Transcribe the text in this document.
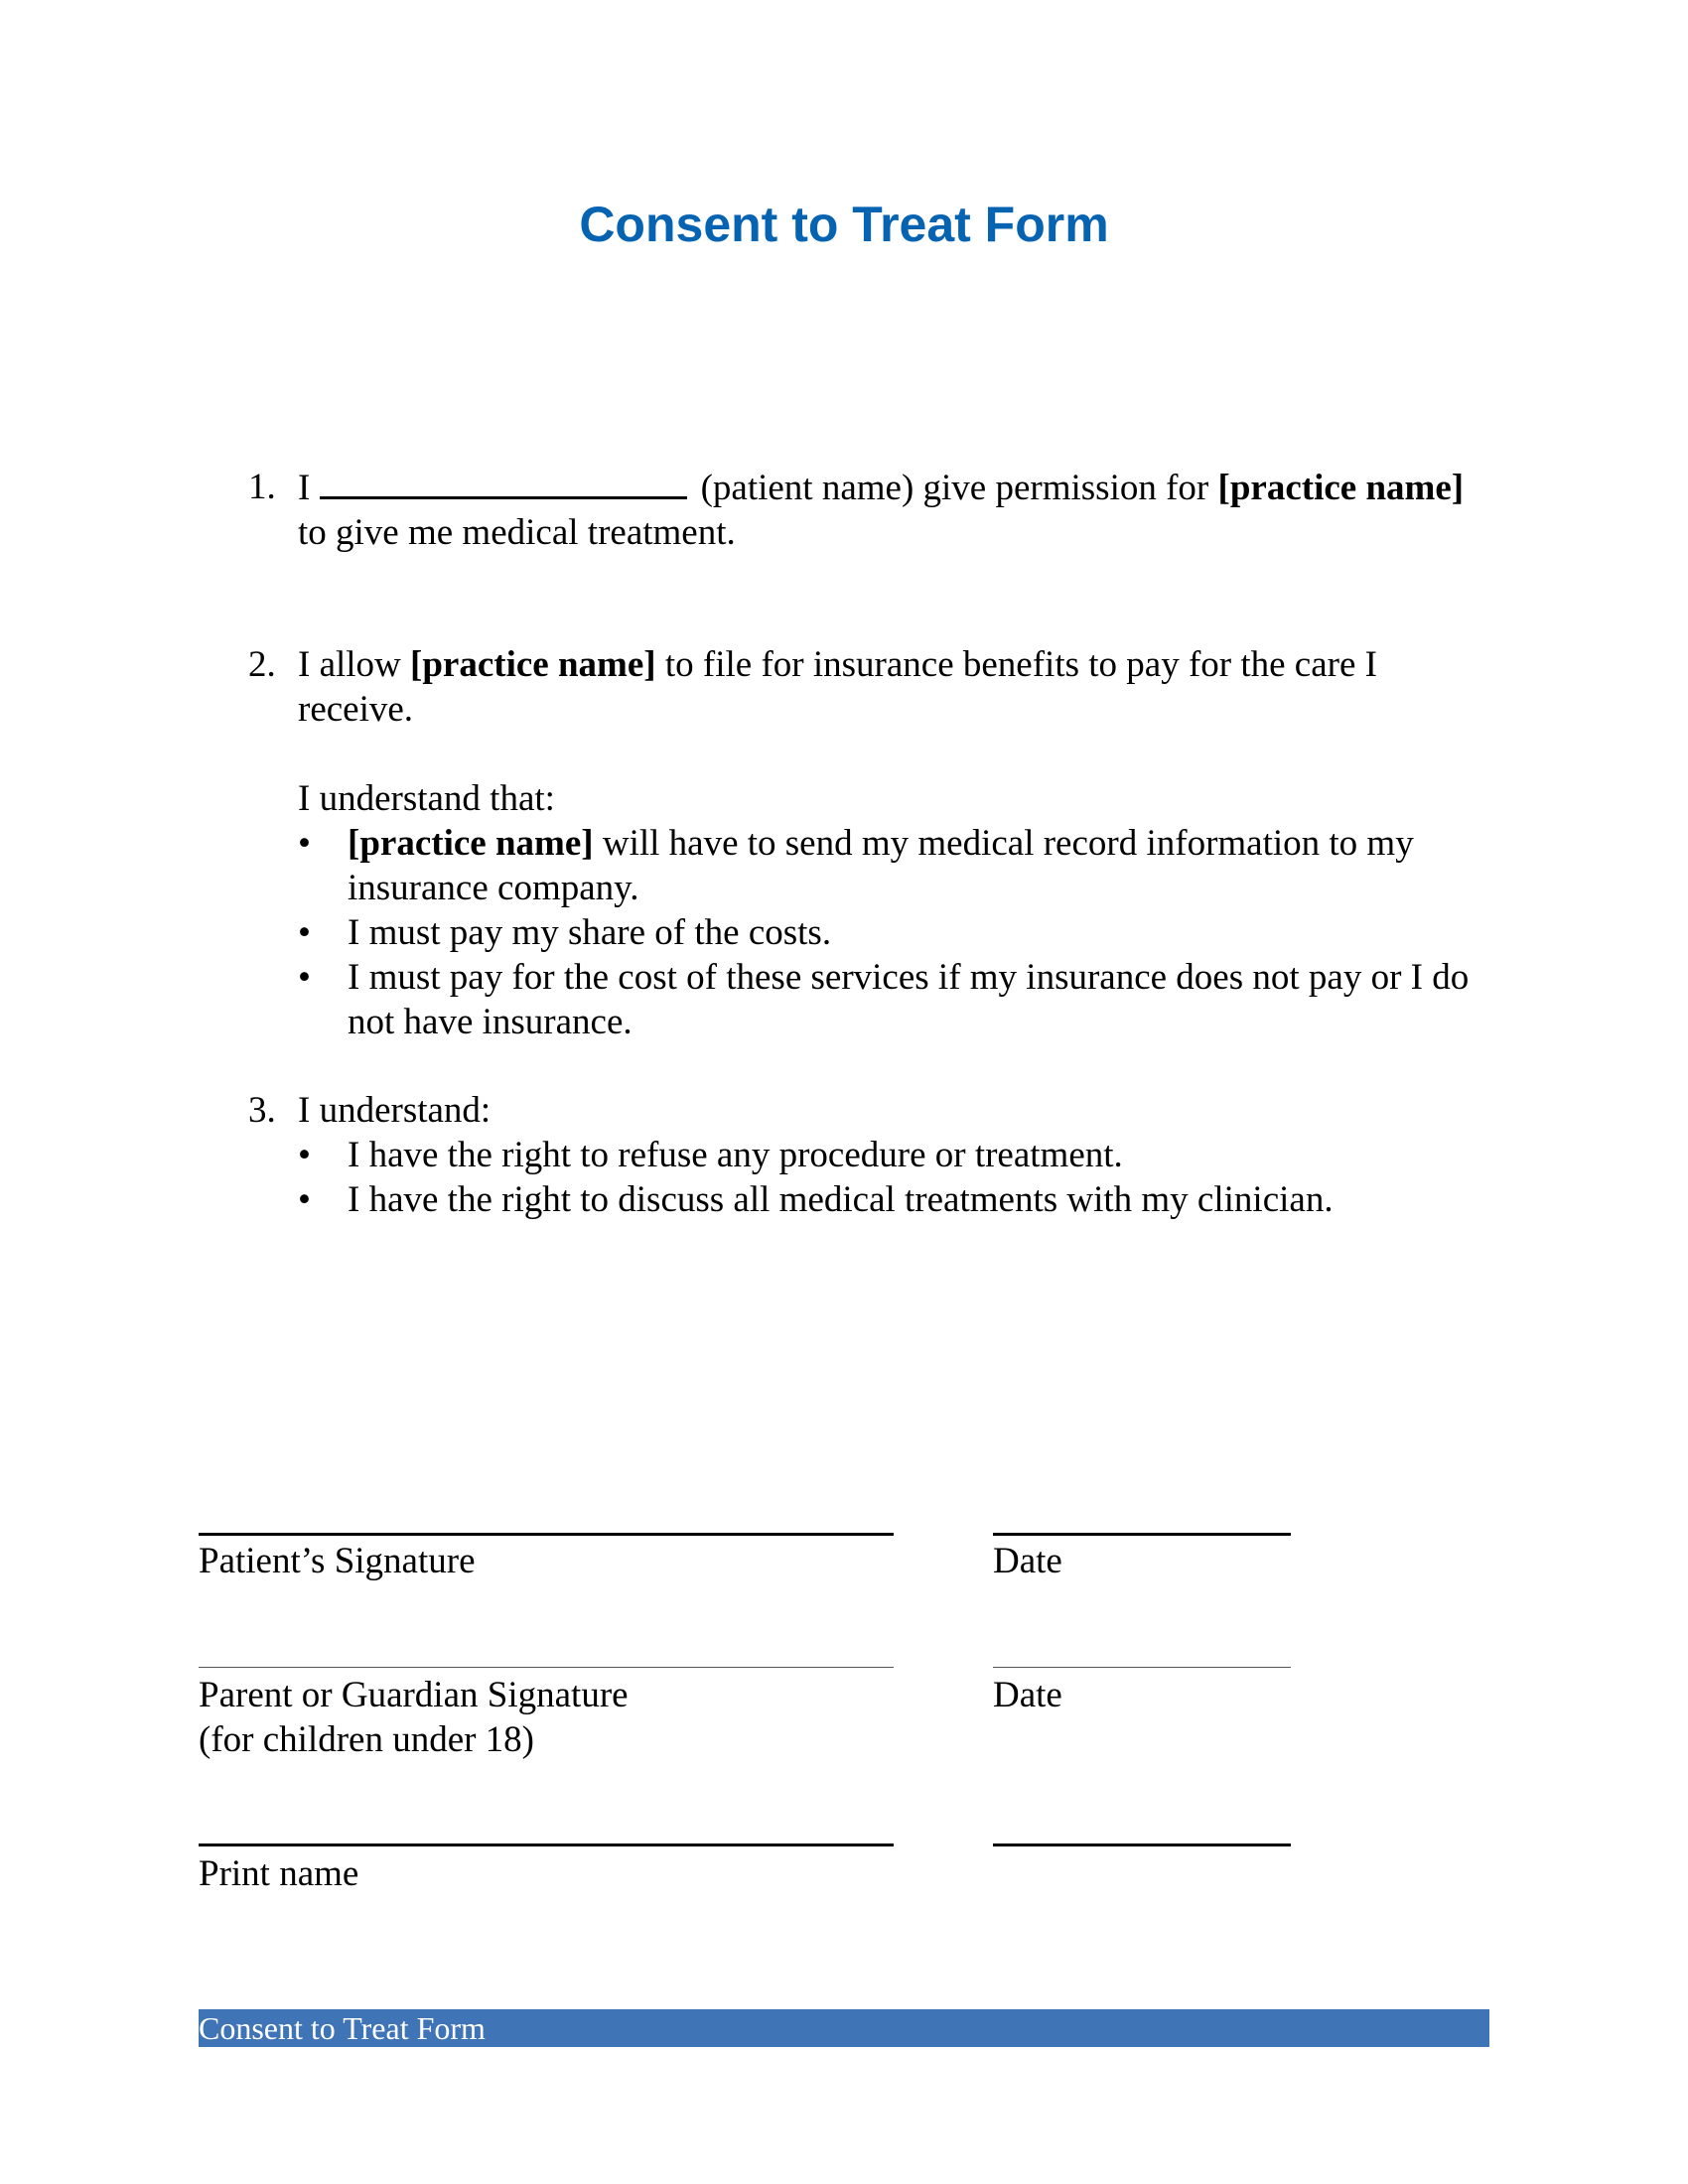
Consent to Treat Form
1. I	(patient name) give permission for [practice name] to give me medical treatment.
2. I allow [practice name] to file for insurance benefits to pay for the care I receive.
I understand that:
• [practice name] will have to send my medical record information to my insurance company.
• I must pay my share of the costs.
• I must pay for the cost of these services if my insurance does not pay or I do not have insurance.
3. I understand:
• I have the right to refuse any procedure or treatment.
• I have the right to discuss all medical treatments with my clinician.
Patient’s Signature	Date
Parent or Guardian Signature
(for children under 18)
Date
Print name
Consent to Treat Form
